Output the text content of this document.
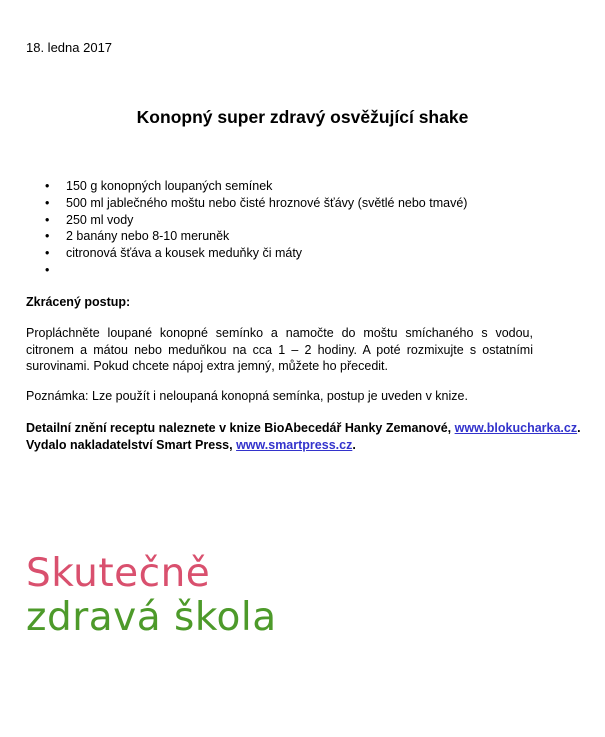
18. ledna 2017
Konopný super zdravý osvěžující shake
• 150 g konopných loupaných semínek
• 500 ml jablečného moštu nebo čisté hroznové šťávy (světlé nebo tmavé)
• 250 ml vody
• 2 banány nebo 8-10 meruněk
• citronová šťáva a kousek meduňky či máty
•
Zkrácený postup:

Propláchněte loupané konopné semínko a namočte do moštu smíchaného s vodou, citronem a mátou nebo meduňkou na cca 1 – 2 hodiny. A poté rozmixujte s ostatními surovinami. Pokud chcete nápoj extra jemný, můžete ho přecedit.

Poznámka: Lze použít i neloupaná konopná semínka, postup je uveden v knize.

Detailní znění receptu naleznete v knize BioAbecedář Hanky Zemanové, www.blokucharka.cz. Vydalo nakladatelství Smart Press, www.smartpress.cz.

Skutečně
zdravá škola
